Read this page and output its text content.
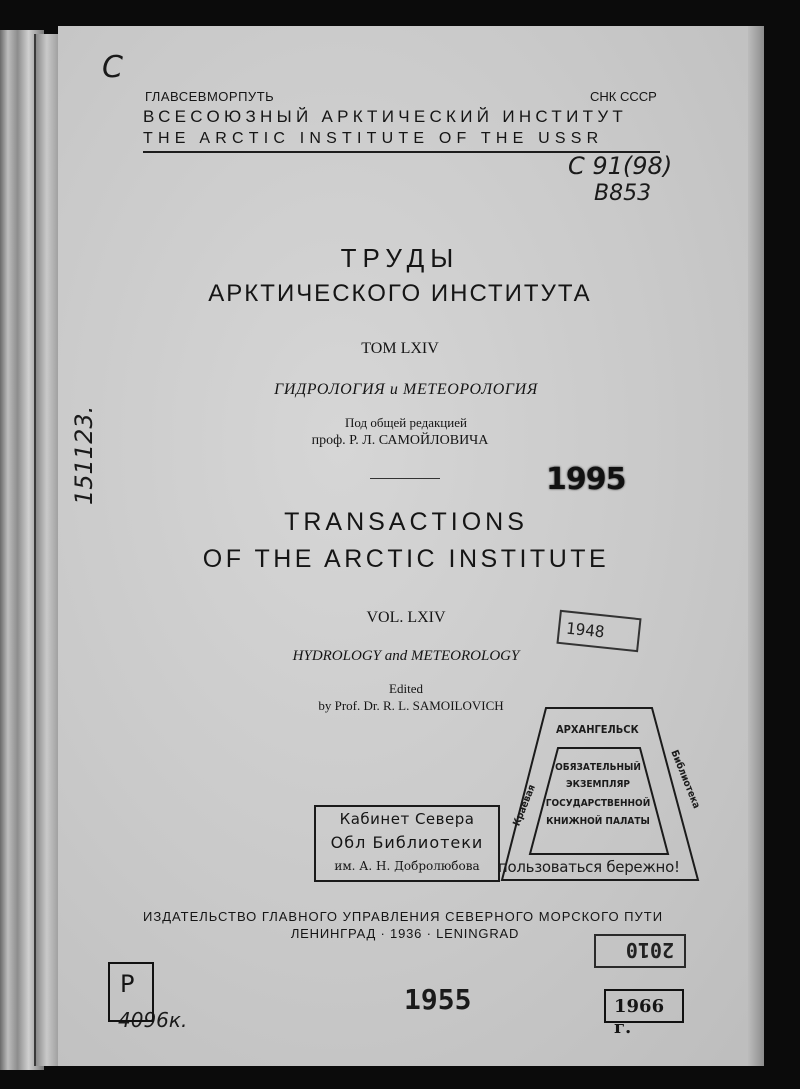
ГЛАВСЕВМОРПУТЬ	СНК СССР
ВСЕСОЮЗНЫЙ АРКТИЧЕСКИЙ ИНСТИТУТ
THE ARCTIC INSTITUTE OF THE USSR
ТРУДЫ
АРКТИЧЕСКОГО ИНСТИТУТА
ТОМ LXIV
ГИДРОЛОГИЯ и МЕТЕОРОЛОГИЯ
Под общей редакцией
проф. Р. Л. САМОЙЛОВИЧА
TRANSACTIONS
OF THE ARCTIC INSTITUTE
VOL. LXIV
HYDROLOGY and METEOROLOGY
Edited
by Prof. Dr. R. L. SAMOILOVICH
ИЗДАТЕЛЬСТВО ГЛАВНОГО УПРАВЛЕНИЯ СЕВЕРНОГО МОРСКОГО ПУТИ
ЛЕНИНГРАД · 1936 · LENINGRAD
С
С 91(98)
В853
151123.
4096к.
1995
1948
АРХАНГЕЛЬСК
ОБЯЗАТЕЛЬНЫЙ
ЭКЗЕМПЛЯР
ГОСУДАРСТВЕННОЙ
КНИЖНОЙ ПАЛАТЫ
Краевая	Библиотека
Кабинет Севера
Обл Библиотеки
им. А. Н. Добролюбова	пользоваться бережно!
2010
1955	1966 г.
Р
